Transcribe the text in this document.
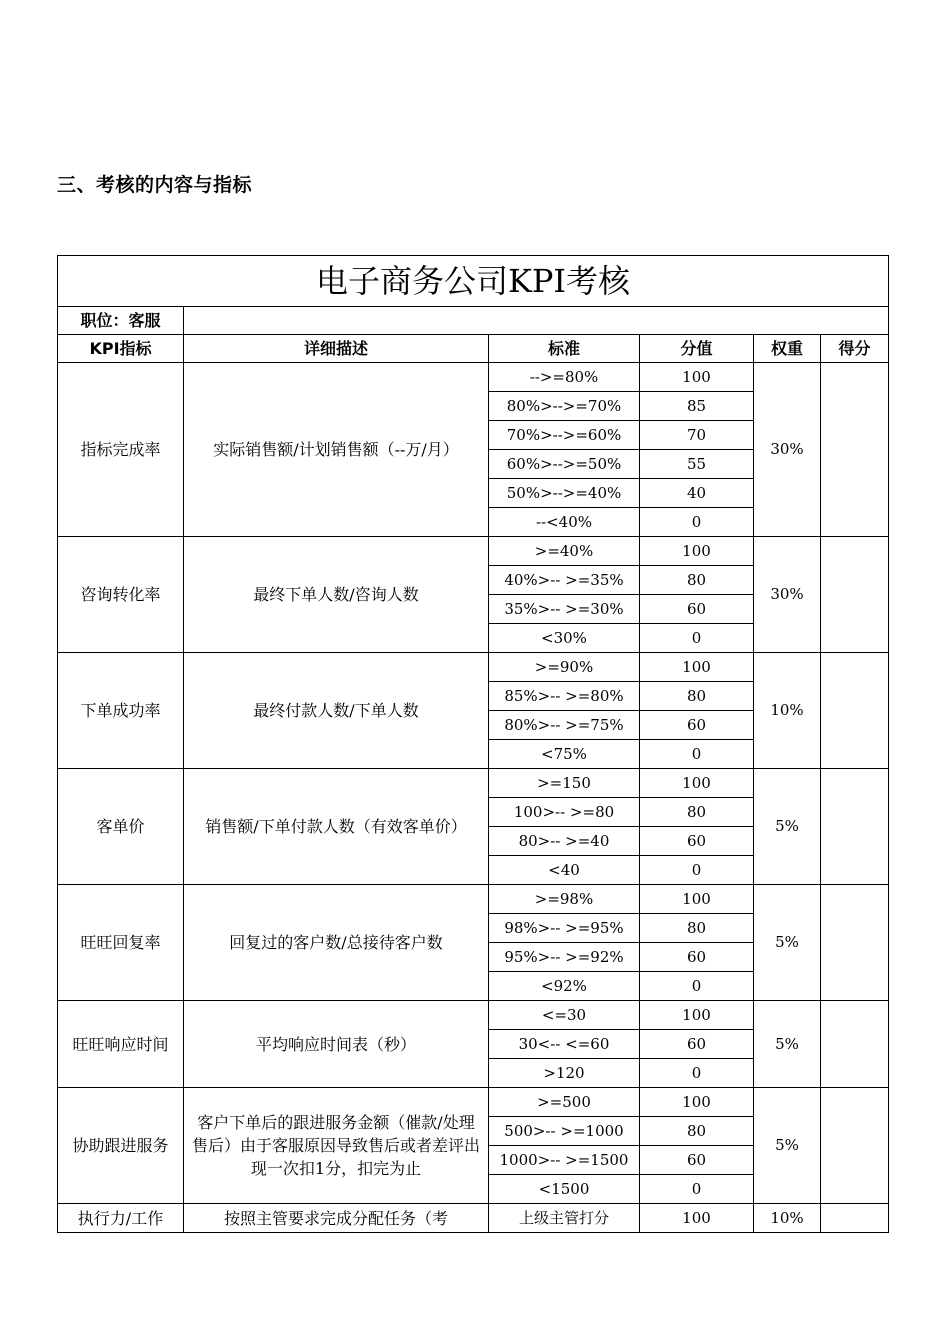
三、考核的内容与指标
电子商务公司KPI考核					
职位：客服					
KPI指标	详细描述	标准	分值	权重	得分
指标完成率	实际销售额/计划销售额（--万/月）	-->=80%	100	30%	
		80%>-->=70%	85		
		70%>-->=60%	70		
		60%>-->=50%	55		
		50%>-->=40%	40		
		--<40%	0		
咨询转化率	最终下单人数/咨询人数	>=40%	100	30%	
		40%>-- >=35%	80		
		35%>-- >=30%	60		
		<30%	0		
下单成功率	最终付款人数/下单人数	>=90%	100	10%	
		85%>-- >=80%	80		
		80%>-- >=75%	60		
		<75%	0		
客单价	销售额/下单付款人数（有效客单价）	>=150	100	5%	
		100>-- >=80	80		
		80>-- >=40	60		
		<40	0		
旺旺回复率	回复过的客户数/总接待客户数	>=98%	100	5%	
		98%>-- >=95%	80		
		95%>-- >=92%	60		
		<92%	0		
旺旺响应时间	平均响应时间表（秒）	<=30	100	5%	
		30<-- <=60	60		
		>120	0		
协助跟进服务	客户下单后的跟进服务金额（催款/处理售后）由于客服原因导致售后或者差评出现一次扣1分，扣完为止	>=500	100	5%	
		500>-- >=1000	80		
		1000>-- >=1500	60		
		<1500	0		
执行力/工作	按照主管要求完成分配任务（考	上级主管打分	100	10%	
